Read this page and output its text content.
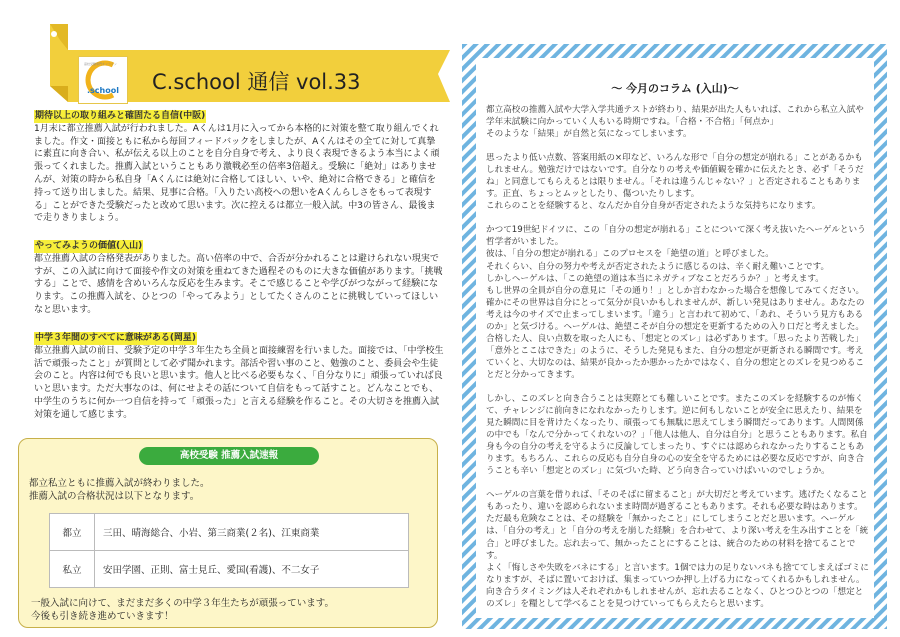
.school
高校受験専門オンライン
C.school 通信 vol.33
期待以上の取り組みと確固たる自信(中阪)

1月末に都立推薦入試が行われました。Aくんは1月に入ってから本格的に対策を整て取り組んでくれました。作文・面接ともに私から毎回フィードバックをしましたが、Aくんはその全てに対して真摯に素直に向き合い、私が伝える以上のことを自分自身で考え、より良く表現できるよう本当によく頑張ってくれました。推薦入試ということもあり激戦必至の倍率3倍超え。受験に「絶対」はありませんが、対策の時から私自身「Aくんには絶対に合格してほしい、いや、絶対に合格できる」と確信を持って送り出しました。結果、見事に合格。「入りたい高校への想いをAくんらしさをもって表現する」ことができた受験だったと改めて思います。次に控えるは都立一般入試。中3の皆さん、最後まで走りきりましょう。

やってみようの価値(入山)

都立推薦入試の合格発表がありました。高い倍率の中で、合否が分かれることは避けられない現実ですが、この入試に向けて面接や作文の対策を重ねてきた過程そのものに大きな価値があります。「挑戦する」ことで、感情を含めいろんな反応を生みます。そこで感じることや学びがつながって経験になります。この推薦入試を、ひとつの「やってみよう」としてたくさんのことに挑戦していってほしいなと思います。

中学３年間のすべてに意味がある(岡星)

都立推薦入試の前日、受験予定の中学３年生たち全員と面接練習を行いました。面接では、「中学校生活で頑張ったこと」が質問として必ず聞かれます。部活や習い事のこと、勉強のこと、委員会や生徒会のこと。内容は何でも良いと思います。他人と比べる必要もなく、「自分なりに」頑張っていれば良いと思います。ただ大事なのは、何にせよその話について自信をもって話すこと。どんなことでも、中学生のうちに何か一つ自信を持って「頑張った」と言える経験を作ること。その大切さを推薦入試対策を通して感じます。

高校受験 推薦入試速報
都立私立ともに推薦入試が終わりました。
推薦入試の合格状況は以下となります。
都立	三田、晴海総合、小岩、第三商業(２名)、江東商業
私立	安田学園、正則、富士見丘、愛国(看護)、不二女子
一般入試に向けて、まだまだ多くの中学３年生たちが頑張っています。
今後も引き続き進めていきます！
〜 今月のコラム (入山)〜

都立高校の推薦入試や大学入学共通テストが終わり、結果が出た人もいれば、これから私立入試や学年末試験に向かっていく人もいる時期ですね。「合格・不合格」「何点か」
そのような「結果」が自然と気になってしまいます。

思ったより低い点数、答案用紙の×印など、いろんな形で「自分の想定が崩れる」ことがあるかもしれません。勉強だけではないです。自分なりの考えや価値観を確かに伝えたとき、必ず「そうだね」と同意してもらえるとは限りません。「それは違うんじゃない？」と否定されることもあります。正直、ちょっとムッとしたり、傷ついたりします。
これらのことを経験すると、なんだか自分自身が否定されたような気持ちになります。

かつて19世紀ドイツに、この「自分の想定が崩れる」ことについて深く考え抜いたヘーゲルという哲学者がいました。
彼は、「自分の想定が崩れる」このプロセスを「絶望の道」と呼びました。
それくらい、自分の努力や考えが否定されたように感じるのは、辛く耐え難いことです。
しかしヘーゲルは、「この絶望の道は本当にネガティブなことだろうか？」と考えます。
もし世界の全員が自分の意見に「その通り！」としか言わなかった場合を想像してみてください。確かにその世界は自分にとって気分が良いかもしれませんが、新しい発見はありません。あなたの考えは今のサイズで止まってしまいます。「違う」と言われて初めて、「あれ、そういう見方もあるのか」と気づける。ヘーゲルは、絶望こそが自分の想定を更新するための入り口だと考えました。合格した人、良い点数を取った人にも、「想定とのズレ」は必ずあります。「思ったより苦戦した」「意外とここはできた」のように、そうした発見もまた、自分の想定が更新される瞬間です。考えていくと、大切なのは、結果が良かったか悪かったかではなく、自分の想定とのズレを見つめることだと分かってきます。

しかし、このズレと向き合うことは実際とても難しいことです。またこのズレを経験するのが怖くて、チャレンジに前向きになれなかったりします。逆に何もしないことが安全に思えたり、結果を見た瞬間に目を背けたくなったり、頑張っても無駄に思えてしまう瞬間だってあります。人間関係の中でも「なんで分かってくれないの？」「他人は他人、自分は自分」と思うこともあります。私自身も今の自分の考えを守るように反論してしまったり、すぐには認められなかったりすることもあります。もちろん、これらの反応も自分自身の心の安全を守るためには必要な反応ですが、向き合うことも辛い「想定とのズレ」に気づいた時、どう向き合っていけばいいのでしょうか。

ヘーゲルの言葉を借りれば、「そのそばに留まること」が大切だと考えています。逃げたくなることもあったり、違いを認められないまま時間が過ぎることもあります。それも必要な時はあります。ただ最も危険なことは、その経験を「無かったこと」にしてしまうことだと思います。ヘーゲルは、「自分の考え」と「自分の考えを崩した経験」を合わせて、より深い考えを生み出すことを「統合」と呼びました。忘れ去って、無かったことにすることは、統合のための材料を捨てることです。
よく「悔しさや失敗をバネにする」と言います。1個では力の足りないバネも捨ててしまえばゴミになりますが、そばに置いておけば、集まっていつか押し上げる力になってくれるかもしれません。向き合うタイミングは人それぞれかもしれませんが、忘れ去ることなく、ひとつひとつの「想定とのズレ」を糧として学べることを見つけていってもらえたらと思います。
